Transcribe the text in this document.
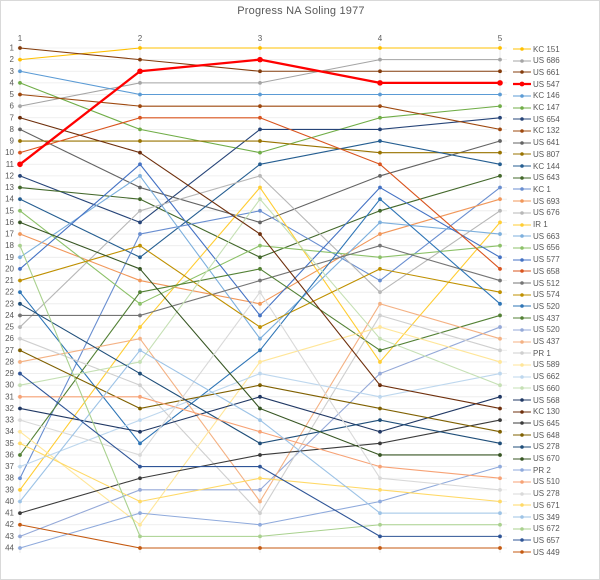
Progress NA Soling 1977
1	2	3	4	5
1
2
3
4
5
6
7
8
9
10
11
12
13
14
15
16
17
18
19
20
21
22
23
24
25
26
27
28
29
30
31
32
33
34
35
36
37
38
39
40
41
42
43
44
KC 151
US 686
US 661
US 547
KC 146
KC 147
US 654
KC 132
US 641
US 807
KC 144
US 643
KC 1
US 693
US 676
IR 1
US 663
US 656
US 577
US 658
US 512
US 574
US 520
US 437
US 520
US 437
PR 1
US 589
US 662
US 660
US 568
KC 130
US 645
US 648
US 278
US 670
PR 2
US 510
US 278
US 671
US 349
US 672
US 657
US 449
